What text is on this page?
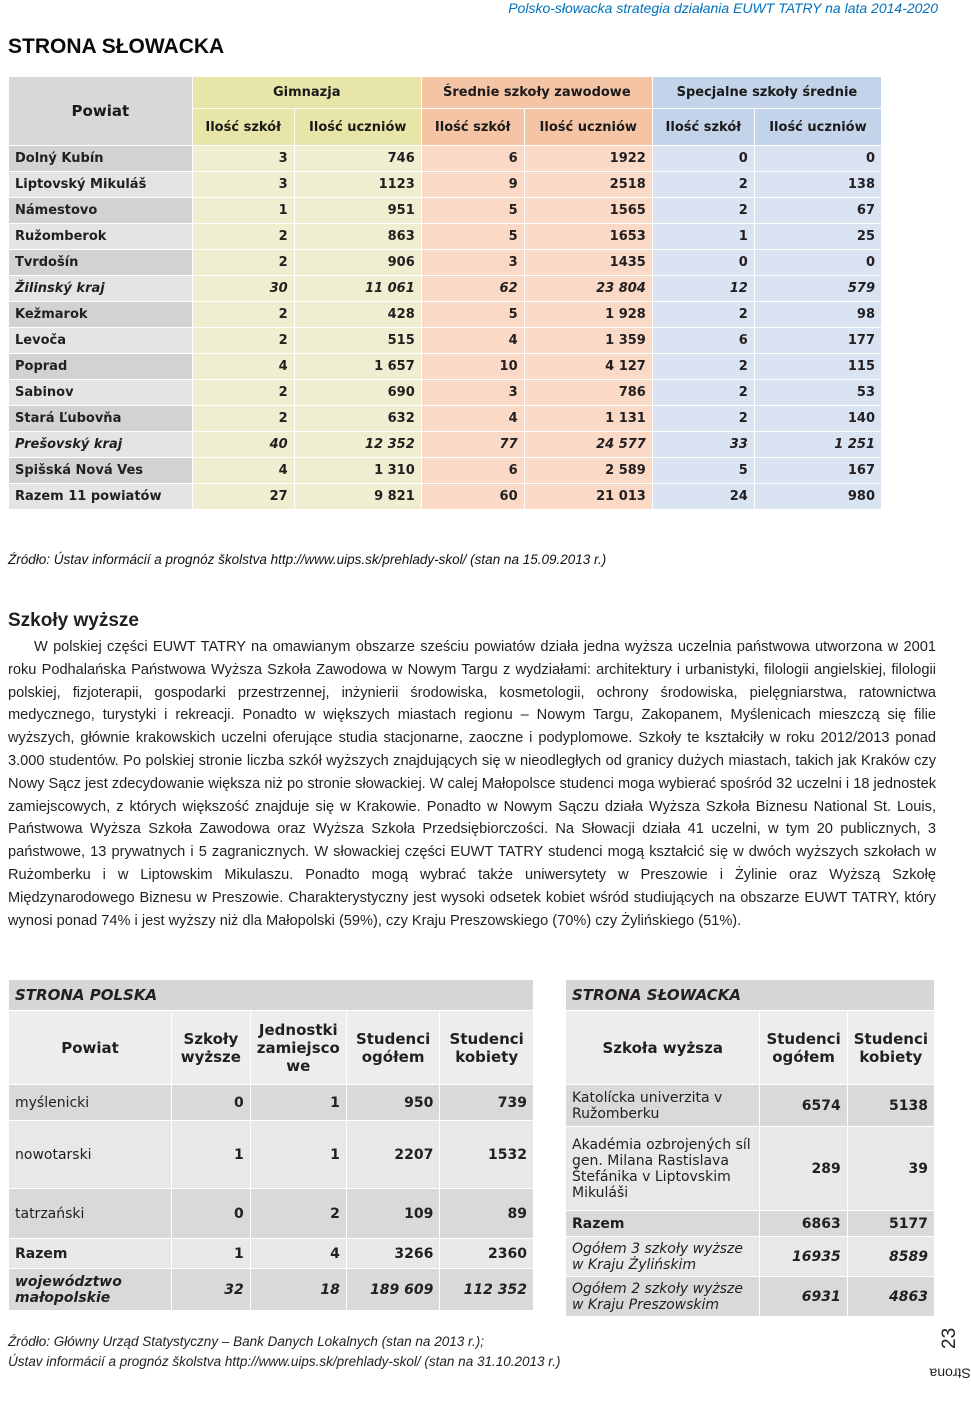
Polsko-słowacka strategia działania EUWT TATRY na lata 2014-2020
STRONA SŁOWACKA
Powiat	Gimnazja		Średnie szkoły zawodowe		Specjalne szkoły średnie	
	Ilość szkół	Ilość uczniów	Ilość szkół	Ilość uczniów	Ilość szkół	Ilość uczniów
Dolný Kubín	3	746	6	1922	0	0
Liptovský Mikuláš	3	1123	9	2518	2	138
Námestovo	1	951	5	1565	2	67
Ružomberok	2	863	5	1653	1	25
Tvrdošín	2	906	3	1435	0	0
Žilinský kraj	30	11 061	62	23 804	12	579
Kežmarok	2	428	5	1 928	2	98
Levoča	2	515	4	1 359	6	177
Poprad	4	1 657	10	4 127	2	115
Sabinov	2	690	3	786	2	53
Stará Ľubovňa	2	632	4	1 131	2	140
Prešovský kraj	40	12 352	77	24 577	33	1 251
Spišská Nová Ves	4	1 310	6	2 589	5	167
Razem 11 powiatów	27	9 821	60	21 013	24	980
Źródło: Ústav informácií a prognóz školstva http://www.uips.sk/prehlady-skol/ (stan na 15.09.2013 r.)
Szkoły wyższe

W polskiej części EUWT TATRY na omawianym obszarze sześciu powiatów działa jedna wyższa uczelnia państwowa utworzona w 2001 roku Podhalańska Państwowa Wyższa Szkoła Zawodowa w Nowym Targu z wydziałami: architektury i urbanistyki, filologii angielskiej, filologii polskiej, fizjoterapii, gospodarki przestrzennej, inżynierii środowiska, kosmetologii, ochrony środowiska, pielęgniarstwa, ratownictwa medycznego, turystyki i rekreacji. Ponadto w większych miastach regionu – Nowym Targu, Zakopanem, Myślenicach mieszczą się filie wyższych, głównie krakowskich uczelni oferujące studia stacjonarne, zaoczne i podyplomowe. Szkoły te kształciły w roku 2012/2013 ponad 3.000 studentów. Po polskiej stronie liczba szkół wyższych znajdujących się w nieodległych od granicy dużych miastach, takich jak Kraków czy Nowy Sącz jest zdecydowanie większa niż po stronie słowackiej. W calej Małopolsce studenci moga wybierać spośród 32 uczelni i 18 jednostek zamiejscowych, z których większość znajduje się w Krakowie. Ponadto w Nowym Sączu działa Wyższa Szkoła Biznesu National St. Louis, Państwowa Wyższa Szkoła Zawodowa oraz Wyższa Szkoła Przedsiębiorczości. Na Słowacji działa 41 uczelni, w tym 20 publicznych, 3 państwowe, 13 prywatnych i 5 zagranicznych. W słowackiej części EUWT TATRY studenci mogą kształcić się w dwóch wyższych szkołach w Rużomberku i w Liptowskim Mikulaszu. Ponadto mogą wybrać także uniwersytety w Preszowie i Żylinie oraz Wyższą Szkołę Międzynarodowego Biznesu w Preszowie. Charakterystyczny jest wysoki odsetek kobiet wśród studiujących na obszarze EUWT TATRY, który wynosi ponad 74% i jest wyższy niż dla Małopolski (59%), czy Kraju Preszowskiego (70%) czy Żylińskiego (51%).

STRONA POLSKA				
Powiat	Szkoły wyższe	Jednostki zamiejsco we	Studenci ogółem	Studenci kobiety
myślenicki	0	1	950	739
nowotarski	1	1	2207	1532
tatrzański	0	2	109	89
Razem	1	4	3266	2360
województwo małopolskie	32	18	189 609	112 352
STRONA SŁOWACKA		
Szkoła wyższa	Studenci ogółem	Studenci kobiety
Katolícka univerzita v Ružomberku	6574	5138
Akadémia ozbrojených síl gen. Milana Rastislava Štefánika v Liptovskim Mikuláši	289	39
Razem	6863	5177
Ogółem 3 szkoły wyższe w Kraju Żylińskim	16935	8589
Ogółem 2 szkoły wyższe w Kraju Preszowskim	6931	4863
Źródło: Główny Urząd Statystyczny – Bank Danych Lokalnych (stan na 2013 r.);
Ústav informácií a prognóz školstva http://www.uips.sk/prehlady-skol/ (stan na 31.10.2013 r.)
Strona 23
